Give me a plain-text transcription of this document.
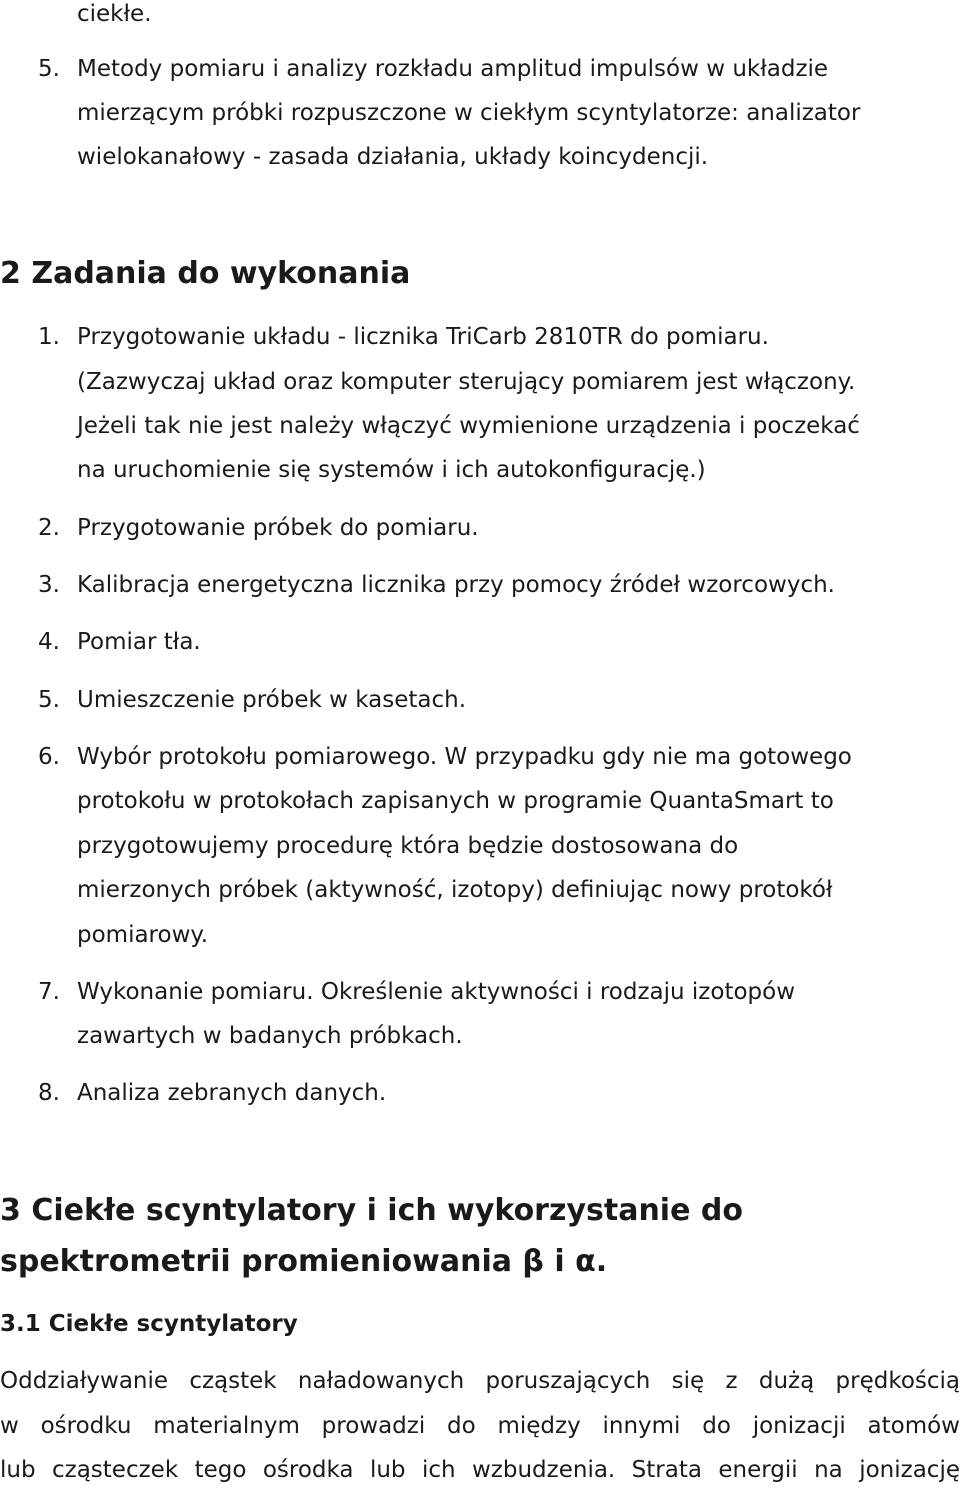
ciekłe.
5. Metody pomiaru i analizy rozkładu amplitud impulsów w układzie
mierzącym próbki rozpuszczone w ciekłym scyntylatorze: analizator
wielokanałowy - zasada działania, układy koincydencji.
2 Zadania do wykonania
1. Przygotowanie układu - licznika TriCarb 2810TR do pomiaru.
(Zazwyczaj układ oraz komputer sterujący pomiarem jest włączony.
Jeżeli tak nie jest należy włączyć wymienione urządzenia i poczekać
na uruchomienie się systemów i ich autokonfigurację.)
2. Przygotowanie próbek do pomiaru.
3. Kalibracja energetyczna licznika przy pomocy źródeł wzorcowych.
4. Pomiar tła.
5. Umieszczenie próbek w kasetach.
6. Wybór protokołu pomiarowego. W przypadku gdy nie ma gotowego
protokołu w protokołach zapisanych w programie QuantaSmart to
przygotowujemy procedurę która będzie dostosowana do
mierzonych próbek (aktywność, izotopy) definiując nowy protokół
pomiarowy.
7. Wykonanie pomiaru. Określenie aktywności i rodzaju izotopów
zawartych w badanych próbkach.
8. Analiza zebranych danych.
3 Ciekłe scyntylatory i ich wykorzystanie do
spektrometrii promieniowania β i α.
3.1 Ciekłe scyntylatory
Oddziaływanie cząstek naładowanych poruszających się z dużą prędkością
w ośrodku materialnym prowadzi do między innymi do jonizacji atomów
lub cząsteczek tego ośrodka lub ich wzbudzenia. Strata energii na jonizację
